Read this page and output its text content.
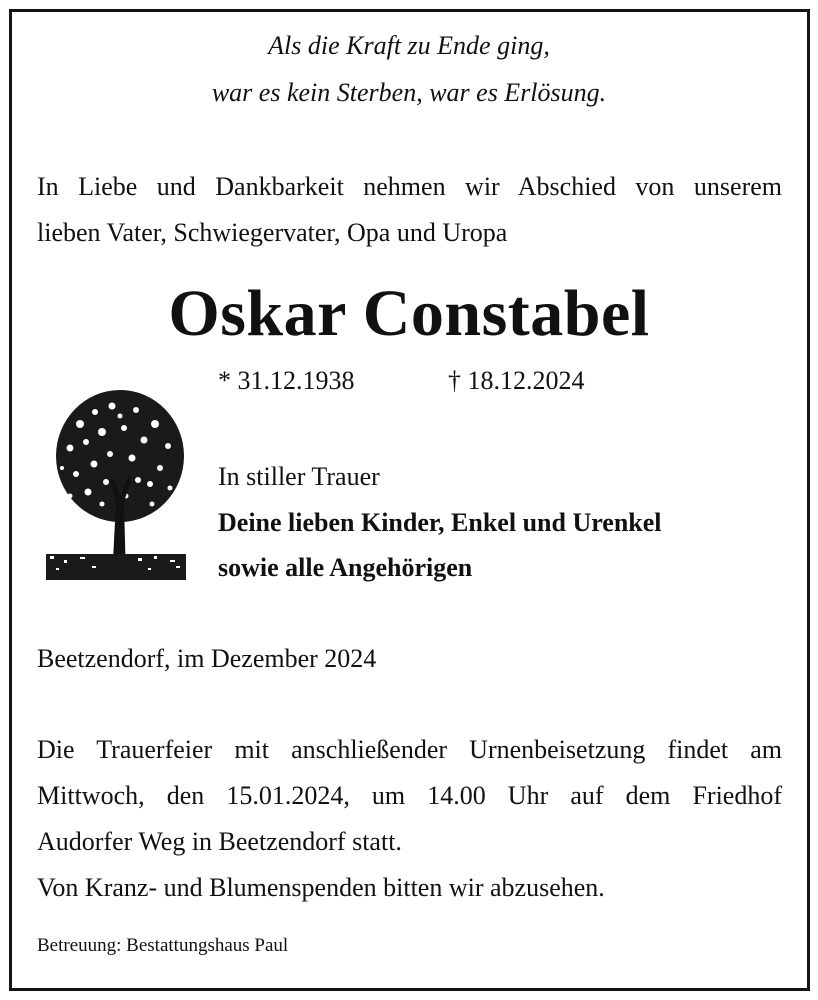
Als die Kraft zu Ende ging,
war es kein Sterben, war es Erlösung.
In Liebe und Dankbarkeit nehmen wir Abschied von unserem
lieben Vater, Schwiegervater, Opa und Uropa
Oskar Constabel
* 31.12.1938	† 18.12.2024
In stiller Trauer
Deine lieben Kinder, Enkel und Urenkel
sowie alle Angehörigen
Beetzendorf, im Dezember 2024
Die Trauerfeier mit anschließender Urnenbeisetzung findet am
Mittwoch, den 15.01.2024, um 14.00 Uhr auf dem Friedhof
Audorfer Weg in Beetzendorf statt.
Von Kranz- und Blumenspenden bitten wir abzusehen.
Betreuung: Bestattungshaus Paul
